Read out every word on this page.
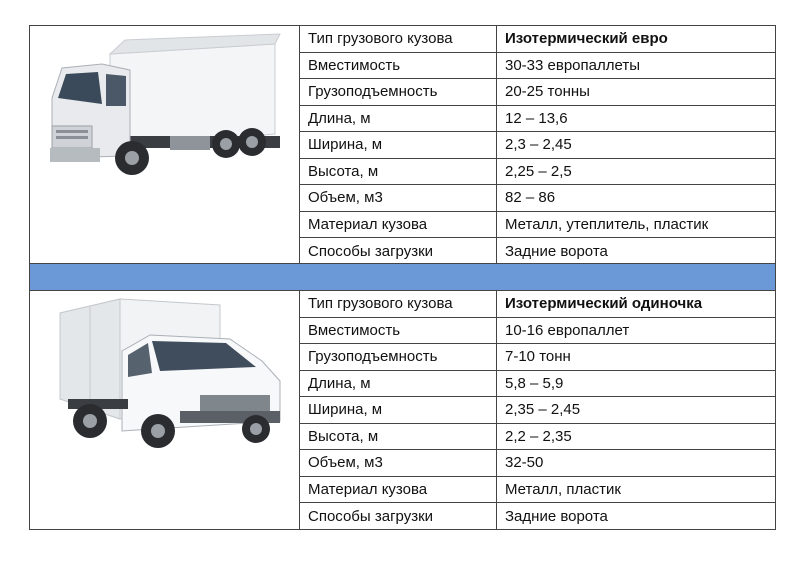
Тип грузового кузова	Изотермический евро
Вместимость	30-33 европаллеты
Грузоподъемность	20-25 тонны
Длина, м	12 – 13,6
Ширина, м	2,3 – 2,45
Высота, м	2,25 – 2,5
Объем, м3	82 – 86
Материал кузова	Металл, утеплитель, пластик
Способы загрузки	Задние ворота
Тип грузового кузова	Изотермический одиночка
Вместимость	10-16 европаллет
Грузоподъемность	7-10 тонн
Длина, м	5,8 – 5,9
Ширина, м	2,35 – 2,45
Высота, м	2,2 – 2,35
Объем, м3	32-50
Материал кузова	Металл, пластик
Способы загрузки	Задние ворота
